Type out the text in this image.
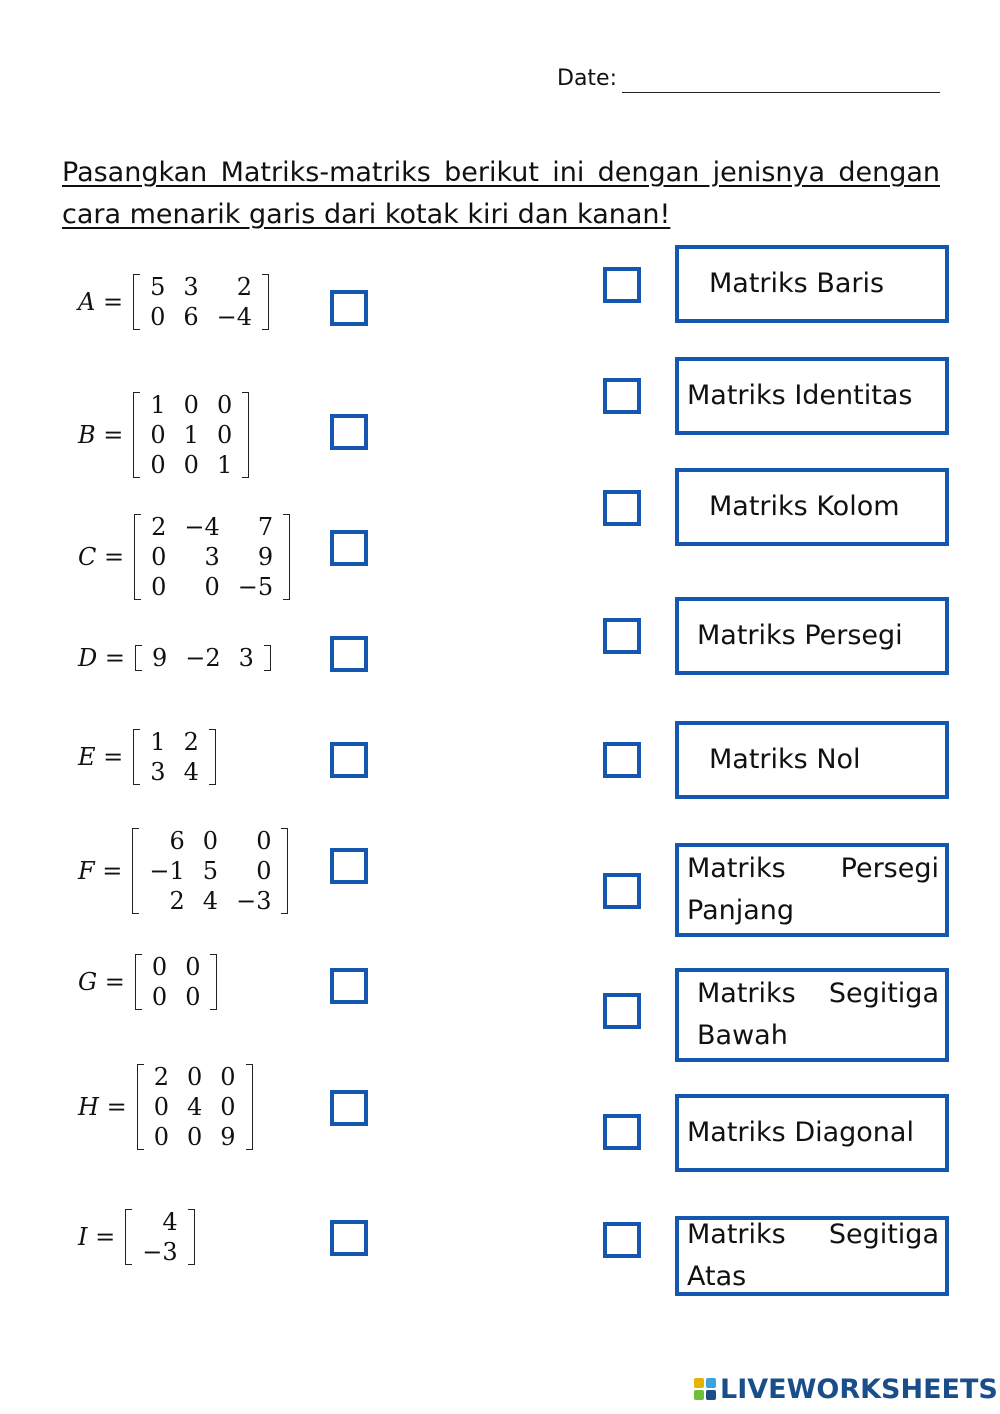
Date:
Pasangkan Matriks-matriks berikut ini dengan jenisnya dengan cara menarik garis dari kotak kiri dan kanan!
A =
5	3	2
0	6	−4
B =
1	0	0
0	1	0
0	0	1
C =
2	−4	7
0	3	9
0	0	−5
D = 9	−2	3
E =
1	2
3	4
F =
6	0	0
−1	5	0
2	4	−3
G =
0	0
0	0
H =
2	0	0
0	4	0
0	0	9
I =
4
−3
Matriks Baris
Matriks Identitas
Matriks Kolom
Matriks Persegi
Matriks Nol
Matriks Persegi Panjang
Matriks Segitiga Bawah
Matriks Diagonal
Matriks Segitiga Atas
LIVEWORKSHEETS
